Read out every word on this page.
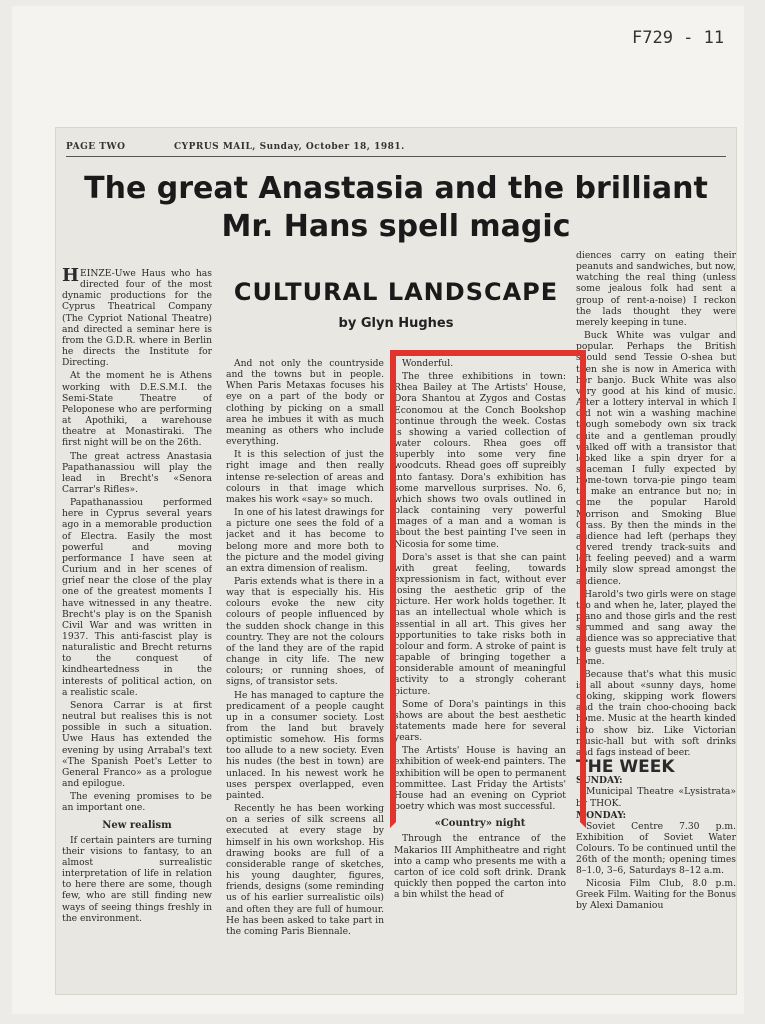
F729 - 11
PAGE TWO	CYPRUS MAIL, Sunday, October 18, 1981.
The great Anastasia and the brilliant
Mr. Hans spell magic

HEINZE-Uwe Haus who has directed four of the most dynamic productions for the Cyprus Theatrical Company (The Cypriot National Theatre) and directed a seminar here is from the G.D.R. where in Berlin he directs the Institute for Directing.

At the moment he is Athens working with D.E.S.M.I. the Semi-State Theatre of Peloponese who are performing at Apothiki, a warehouse theatre at Monastiraki. The first night will be on the 26th.

The great actress Anastasia Papathanassiou will play the lead in Brecht's «Senora Carrar's Rifles».

Papathanassiou performed here in Cyprus several years ago in a memorable production of Electra. Easily the most powerful and moving performance I have seen at Curium and in her scenes of grief near the close of the play one of the greatest moments I have witnessed in any theatre. Brecht's play is on the Spanish Civil War and was written in 1937. This anti-fascist play is naturalistic and Brecht returns to the conquest of kindheartedness in the interests of political action, on a realistic scale.

Senora Carrar is at first neutral but realises this is not possible in such a situation. Uwe Haus has extended the evening by using Arrabal's text «The Spanish Poet's Letter to General Franco» as a prologue and epilogue.

The evening promises to be an important one.

New realism

If certain painters are turning their visions to fantasy, to an almost surrealistic interpretation of life in relation to here there are some, though few, who are still finding new ways of seeing things freshly in the environment.

CULTURAL LANDSCAPE
by Glyn Hughes

And not only the countryside and the towns but in people. When Paris Metaxas focuses his eye on a part of the body or clothing by picking on a small area he imbues it with as much meaning as others who include everything.

It is this selection of just the right image and then really intense re-selection of areas and colours in that image which makes his work «say» so much.

In one of his latest drawings for a picture one sees the fold of a jacket and it has become to belong more and more both to the picture and the model giving an extra dimension of realism.

Paris extends what is there in a way that is especially his. His colours evoke the new city colours of people influenced by the sudden shock change in this country. They are not the colours of the land they are of the rapid change in city life. The new colours; or running shoes, of signs, of transistor sets.

He has managed to capture the predicament of a people caught up in a consumer society. Lost from the land but bravely optimistic somehow. His forms too allude to a new society. Even his nudes (the best in town) are unlaced. In his newest work he uses perspex overlapped, even painted.

Recently he has been working on a series of silk screens all executed at every stage by himself in his own workshop. His drawing books are full of a considerable range of sketches, his young daughter, figures, friends, designs (some reminding us of his earlier surrealistic oils) and often they are full of humour. He has been asked to take part in the coming Paris Biennale.

Wonderful.

The three exhibitions in town: Rhea Bailey at The Artists' House, Dora Shantou at Zygos and Costas Economou at the Conch Bookshop continue through the week. Costas is showing a varied collection of water colours. Rhea goes off superbly into some very fine woodcuts. Rhead goes off supreibly into fantasy. Dora's exhibition has some marvellous surprises. No. 6, which shows two ovals outlined in black containing very powerful images of a man and a woman is about the best painting I've seen in Nicosia for some time.

Dora's asset is that she can paint with great feeling, towards expressionism in fact, without ever losing the aesthetic grip of the picture. Her work holds together. It has an intellectual whole which is essential in all art. This gives her opportunities to take risks both in colour and form. A stroke of paint is capable of bringing together a considerable amount of meaningful activity to a strongly coherant picture.

Some of Dora's paintings in this shows are about the best aesthetic statements made here for several years.

The Artists' House is having an exhibition of week-end painters. The exhibition will be open to permanent committee. Last Friday the Artists' House had an evening on Cypriot poetry which was most successful.

«Country» night

Through the entrance of the Makarios III Amphitheatre and right into a camp who presents me with a carton of ice cold soft drink. Drank quickly then popped the carton into a bin whilst the head of

diences carry on eating their peanuts and sandwiches, but now, watching the real thing (unless some jealous folk had sent a group of rent-a-noise) I reckon the lads thought they were merely keeping in tune.

Buck White was vulgar and popular. Perhaps the British should send Tessie O-shea but then she is now in America with her banjo. Buck White was also very good at his kind of music. After a lottery interval in which I did not win a washing machine though somebody own six track quite and a gentleman proudly walked off with a transistor that looked like a spin dryer for a spaceman I fully expected by home-town torva-pie pingo team to make an entrance but no; in came the popular Harold Morrison and Smoking Blue Grass. By then the minds in the audience had left (perhaps they covered trendy track-suits and left feeling peeved) and a warm homily slow spread amongst the audience.

Harold's two girls were on stage too and when he, later, played the piano and those girls and the rest strummed and sang away the audience was so appreciative that the guests must have felt truly at home.

Because that's what this music is all about «sunny days, home cooking, skipping work flowers and the train choo-chooing back home. Music at the hearth kinded into show biz. Like Victorian music-hall but with soft drinks and fags instead of beer.

THE WEEK

SUNDAY:

Municipal Theatre «Lysistrata» by THOK.

MONDAY:

Soviet Centre 7.30 p.m. Exhibition of Soviet Water Colours. To be continued until the 26th of the month; opening times 8–1.0, 3–6, Saturdays 8–12 a.m.

Nicosia Film Club, 8.0 p.m. Greek Film. Waiting for the Bonus by Alexi Damaniou
